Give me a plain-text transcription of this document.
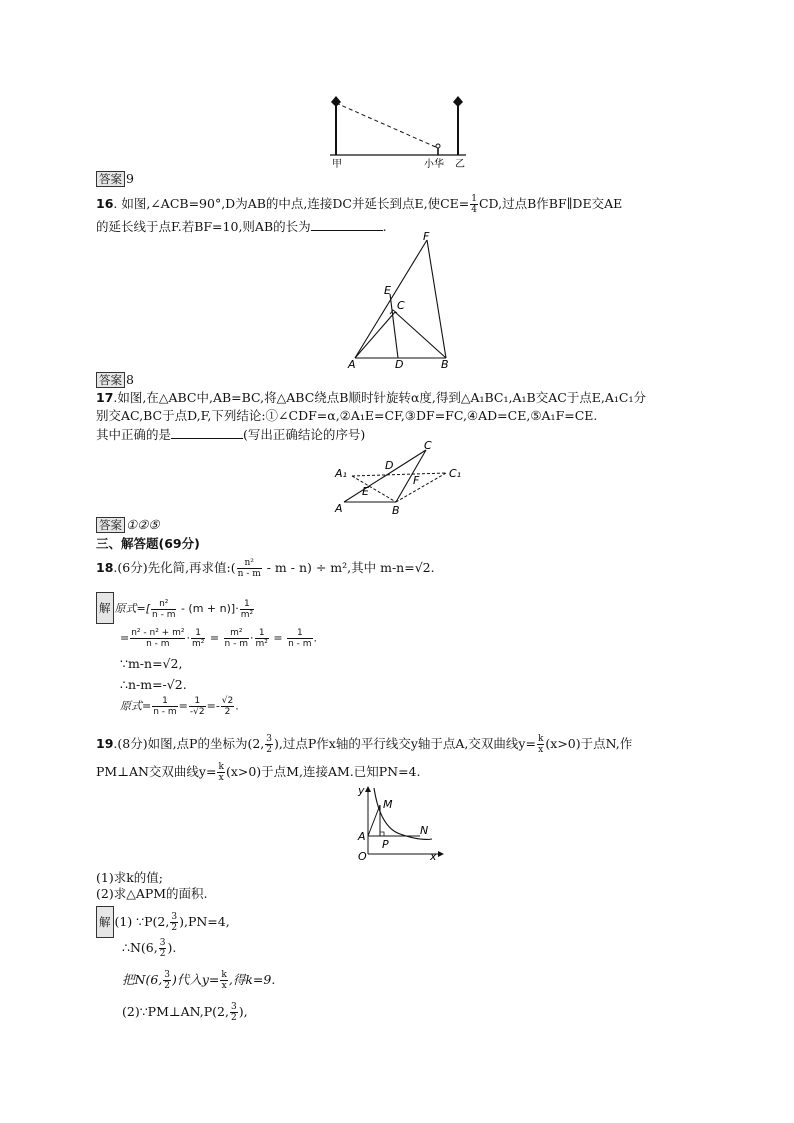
甲	小华 乙
答案 9
16. 如图,∠ACB=90°,D为AB的中点,连接DC并延长到点E,使$CE= \frac{1}{4}$ CD,过点B作BF∥DE交AE
的延长线于点F.若BF=10,则AB的长为	.
F
E
C
A	D	B
答案 8
17.如图,在△ABC中,AB=BC,将△ABC绕点B顺时针旋转α度,得到△A₁BC₁,A₁B交AC于点E,A₁C₁分
别交AC,BC于点D,F,下列结论:①∠CDF=α,②A₁E=CF,③DF=FC,④AD=CE,⑤A₁F=CE.
其中正确的是	(写出正确结论的序号)
C
A₁
D
C₁
E
F
A	B
答案 ①②⑤
三、解答题(69分)
18.(6分)先化简,再求值:( $\frac{\text{n²}}{n - m} - m - n) \div m^2$,其中 m-n=√2.
解 原式=[ $\frac{\text{n²}}{n - m} - (m + n)]\cdot \frac{1}{\text{m²}}$
= $\frac{\text{n² - n² + m²}}{n - m} \cdot \frac{1}{\text{m²}} = \frac{\text{m²}}{n - m} \cdot \frac{1}{\text{m²}} = \frac{1}{n - m}$ .
∵m-n=√2,
∴n-m=-√2.
原式= $\frac{1}{n - m} = \frac{1}{-√2} =- \frac{√2}{2}$ .
19.(8分)如图,点P的坐标为(2, $\frac{3}{2}$ ),过点P作x轴的平行线交y轴于点A,交双曲线$y= \frac{k}{x} (x>0)$于点N,作
PM⊥AN交双曲线$y= \frac{k}{x} (x>0)$于点M,连接AM.已知PN=4.
y
M
N
A
P
O	x
(1)求k的值;
(2)求△APM的面积.
解 (1) ∵P(2, $\frac{3}{2} ),PN=4$,
∴N(6, $\frac{3}{2}$ ).
把N(6, $\frac{3}{2}$ )代入$y= \frac{k}{x}$ ,得k=9.
(2)∵PM⊥AN,P(2, $\frac{3}{2}$ ),
